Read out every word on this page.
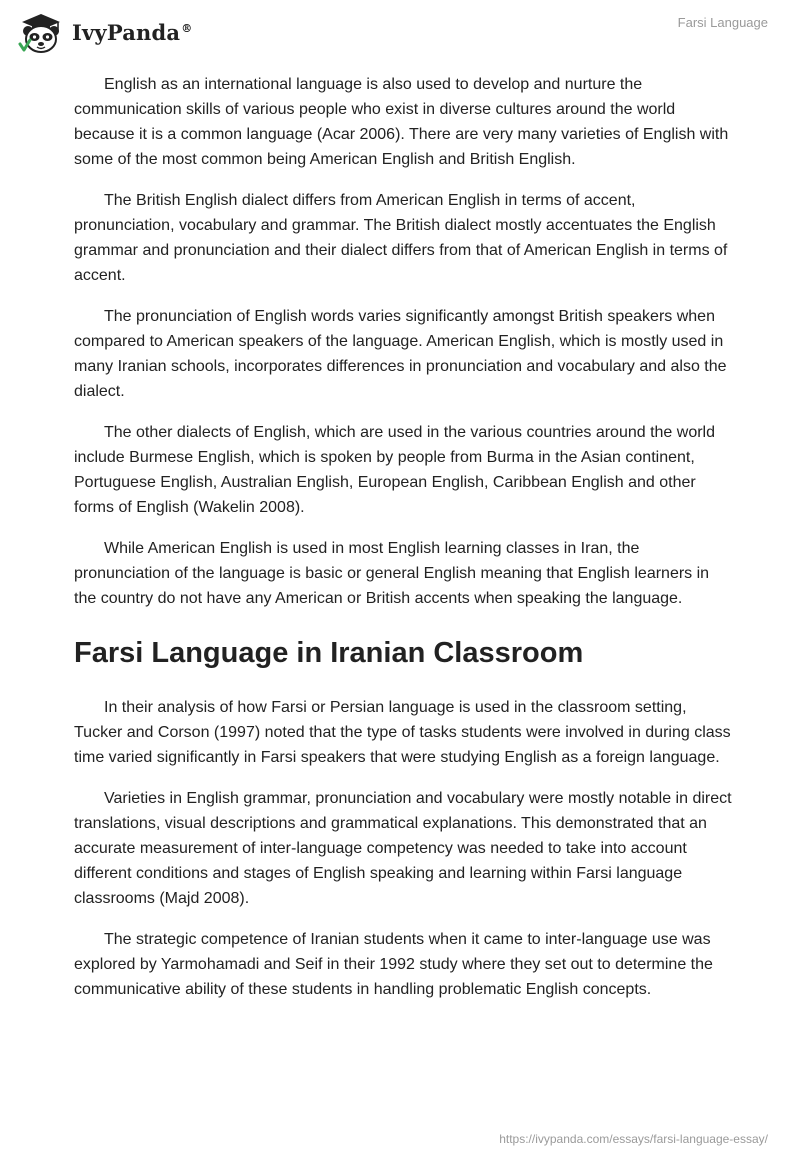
IvyPanda®	Farsi Language

English as an international language is also used to develop and nurture the communication skills of various people who exist in diverse cultures around the world because it is a common language (Acar 2006). There are very many varieties of English with some of the most common being American English and British English.

The British English dialect differs from American English in terms of accent, pronunciation, vocabulary and grammar. The British dialect mostly accentuates the English grammar and pronunciation and their dialect differs from that of American English in terms of accent.

The pronunciation of English words varies significantly amongst British speakers when compared to American speakers of the language. American English, which is mostly used in many Iranian schools, incorporates differences in pronunciation and vocabulary and also the dialect.

The other dialects of English, which are used in the various countries around the world include Burmese English, which is spoken by people from Burma in the Asian continent, Portuguese English, Australian English, European English, Caribbean English and other forms of English (Wakelin 2008).

While American English is used in most English learning classes in Iran, the pronunciation of the language is basic or general English meaning that English learners in the country do not have any American or British accents when speaking the language.

Farsi Language in Iranian Classroom

In their analysis of how Farsi or Persian language is used in the classroom setting, Tucker and Corson (1997) noted that the type of tasks students were involved in during class time varied significantly in Farsi speakers that were studying English as a foreign language.

Varieties in English grammar, pronunciation and vocabulary were mostly notable in direct translations, visual descriptions and grammatical explanations. This demonstrated that an accurate measurement of inter-language competency was needed to take into account different conditions and stages of English speaking and learning within Farsi language classrooms (Majd 2008).

The strategic competence of Iranian students when it came to inter-language use was explored by Yarmohamadi and Seif in their 1992 study where they set out to determine the communicative ability of these students in handling problematic English concepts.

https://ivypanda.com/essays/farsi-language-essay/
